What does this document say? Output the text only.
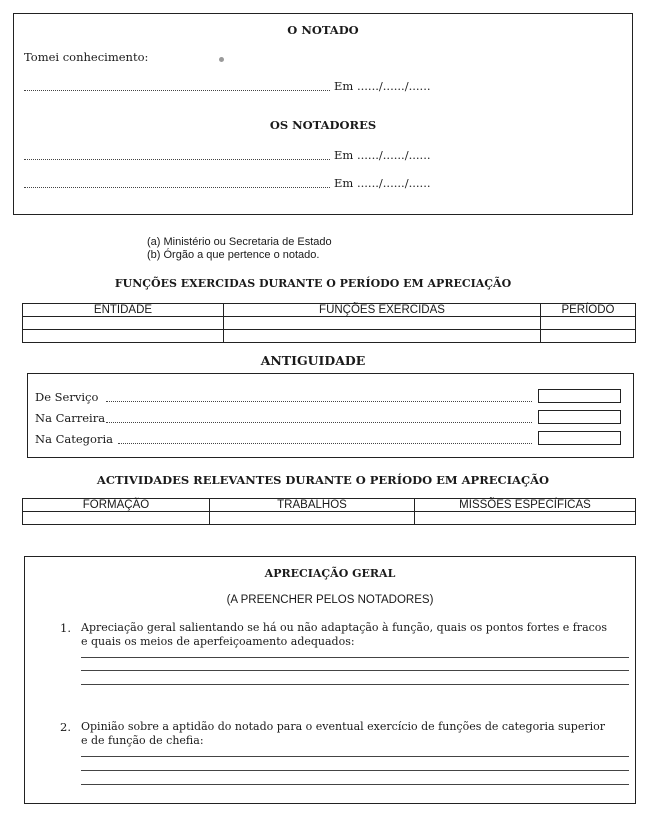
O NOTADO
Tomei conhecimento:
Em ....../....../......
OS NOTADORES
Em ....../....../......
Em ....../....../......
(a) Ministério ou Secretaria de Estado
(b) Órgão a que pertence o notado.
FUNÇÕES EXERCIDAS DURANTE O PERÍODO EM APRECIAÇÃO
ENTIDADE	FUNÇÕES EXERCIDAS	PERÍODO

ANTIGUIDADE
De Serviço
Na Carreira
Na Categoria
ACTIVIDADES RELEVANTES DURANTE O PERÍODO EM APRECIAÇÃO
FORMAÇÃO	TRABALHOS	MISSÕES ESPECÍFICAS

APRECIAÇÃO GERAL
(A PREENCHER PELOS NOTADORES)
1. Apreciação geral salientando se há ou não adaptação à função, quais os pontos fortes e fracos
e quais os meios de aperfeiçoamento adequados:
2. Opinião sobre a aptidão do notado para o eventual exercício de funções de categoria superior
e de função de chefia:
